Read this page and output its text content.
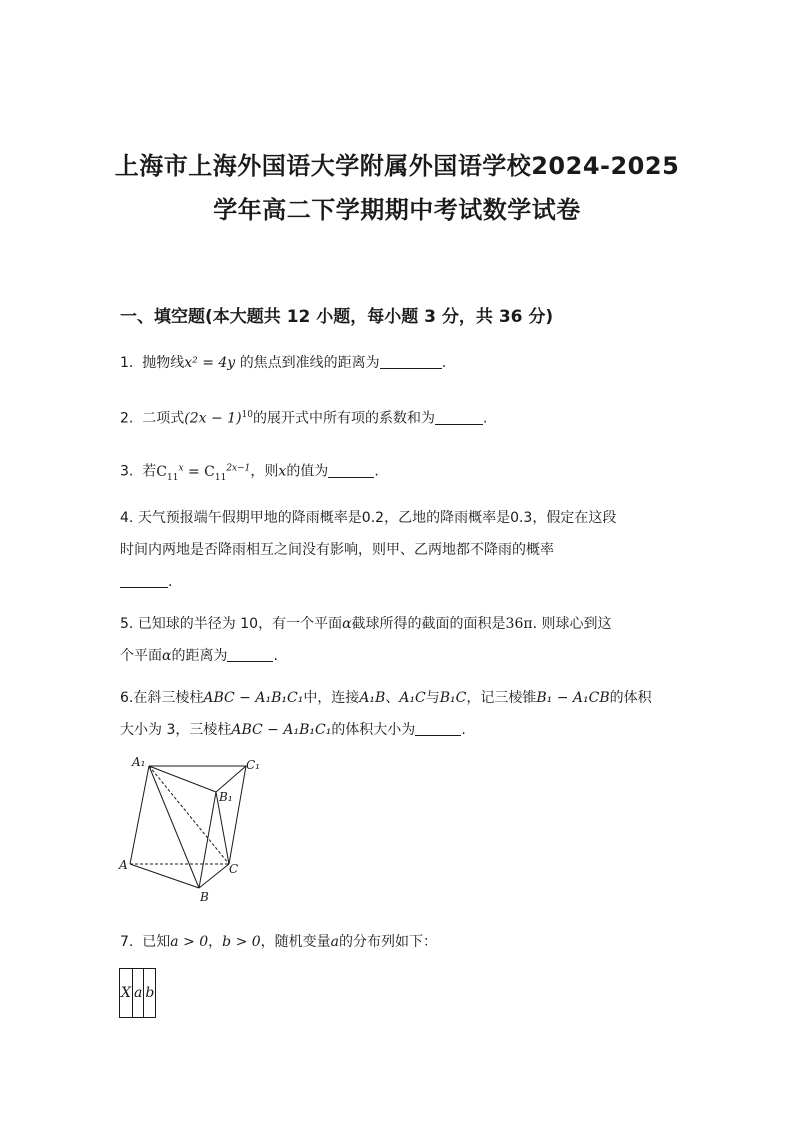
上海市上海外国语大学附属外国语学校2024-2025
学年高二下学期期中考试数学试卷
一、填空题(本大题共 12 小题，每小题 3 分，共 36 分)
1. 抛物线x² = 4y 的焦点到准线的距离为	.
2. 二项式$(2x - 1)^{10}$的展开式中所有项的系数和为	.
3. 若$C_{11}^x = C_{11}^{2x-1}$，则x的值为	.
4. 天气预报端午假期甲地的降雨概率是0.2，乙地的降雨概率是0.3，假定在这段
时间内两地是否降雨相互之间没有影响，则甲、乙两地都不降雨的概率
.
5. 已知球的半径为 10，有一个平面α截球所得的截面的面积是36π. 则球心到这
个平面α的距离为	.
6.在斜三棱柱ABC − A₁B₁C₁中，连接A₁B、A₁C与B₁C，记三棱锥B₁ − A₁CB的体积
大小为 3，三棱柱ABC − A₁B₁C₁的体积大小为	.
A₁	C₁
B₁
A	C
B
7. 已知a > 0，b > 0，随机变量a的分布列如下：
X	a	b
